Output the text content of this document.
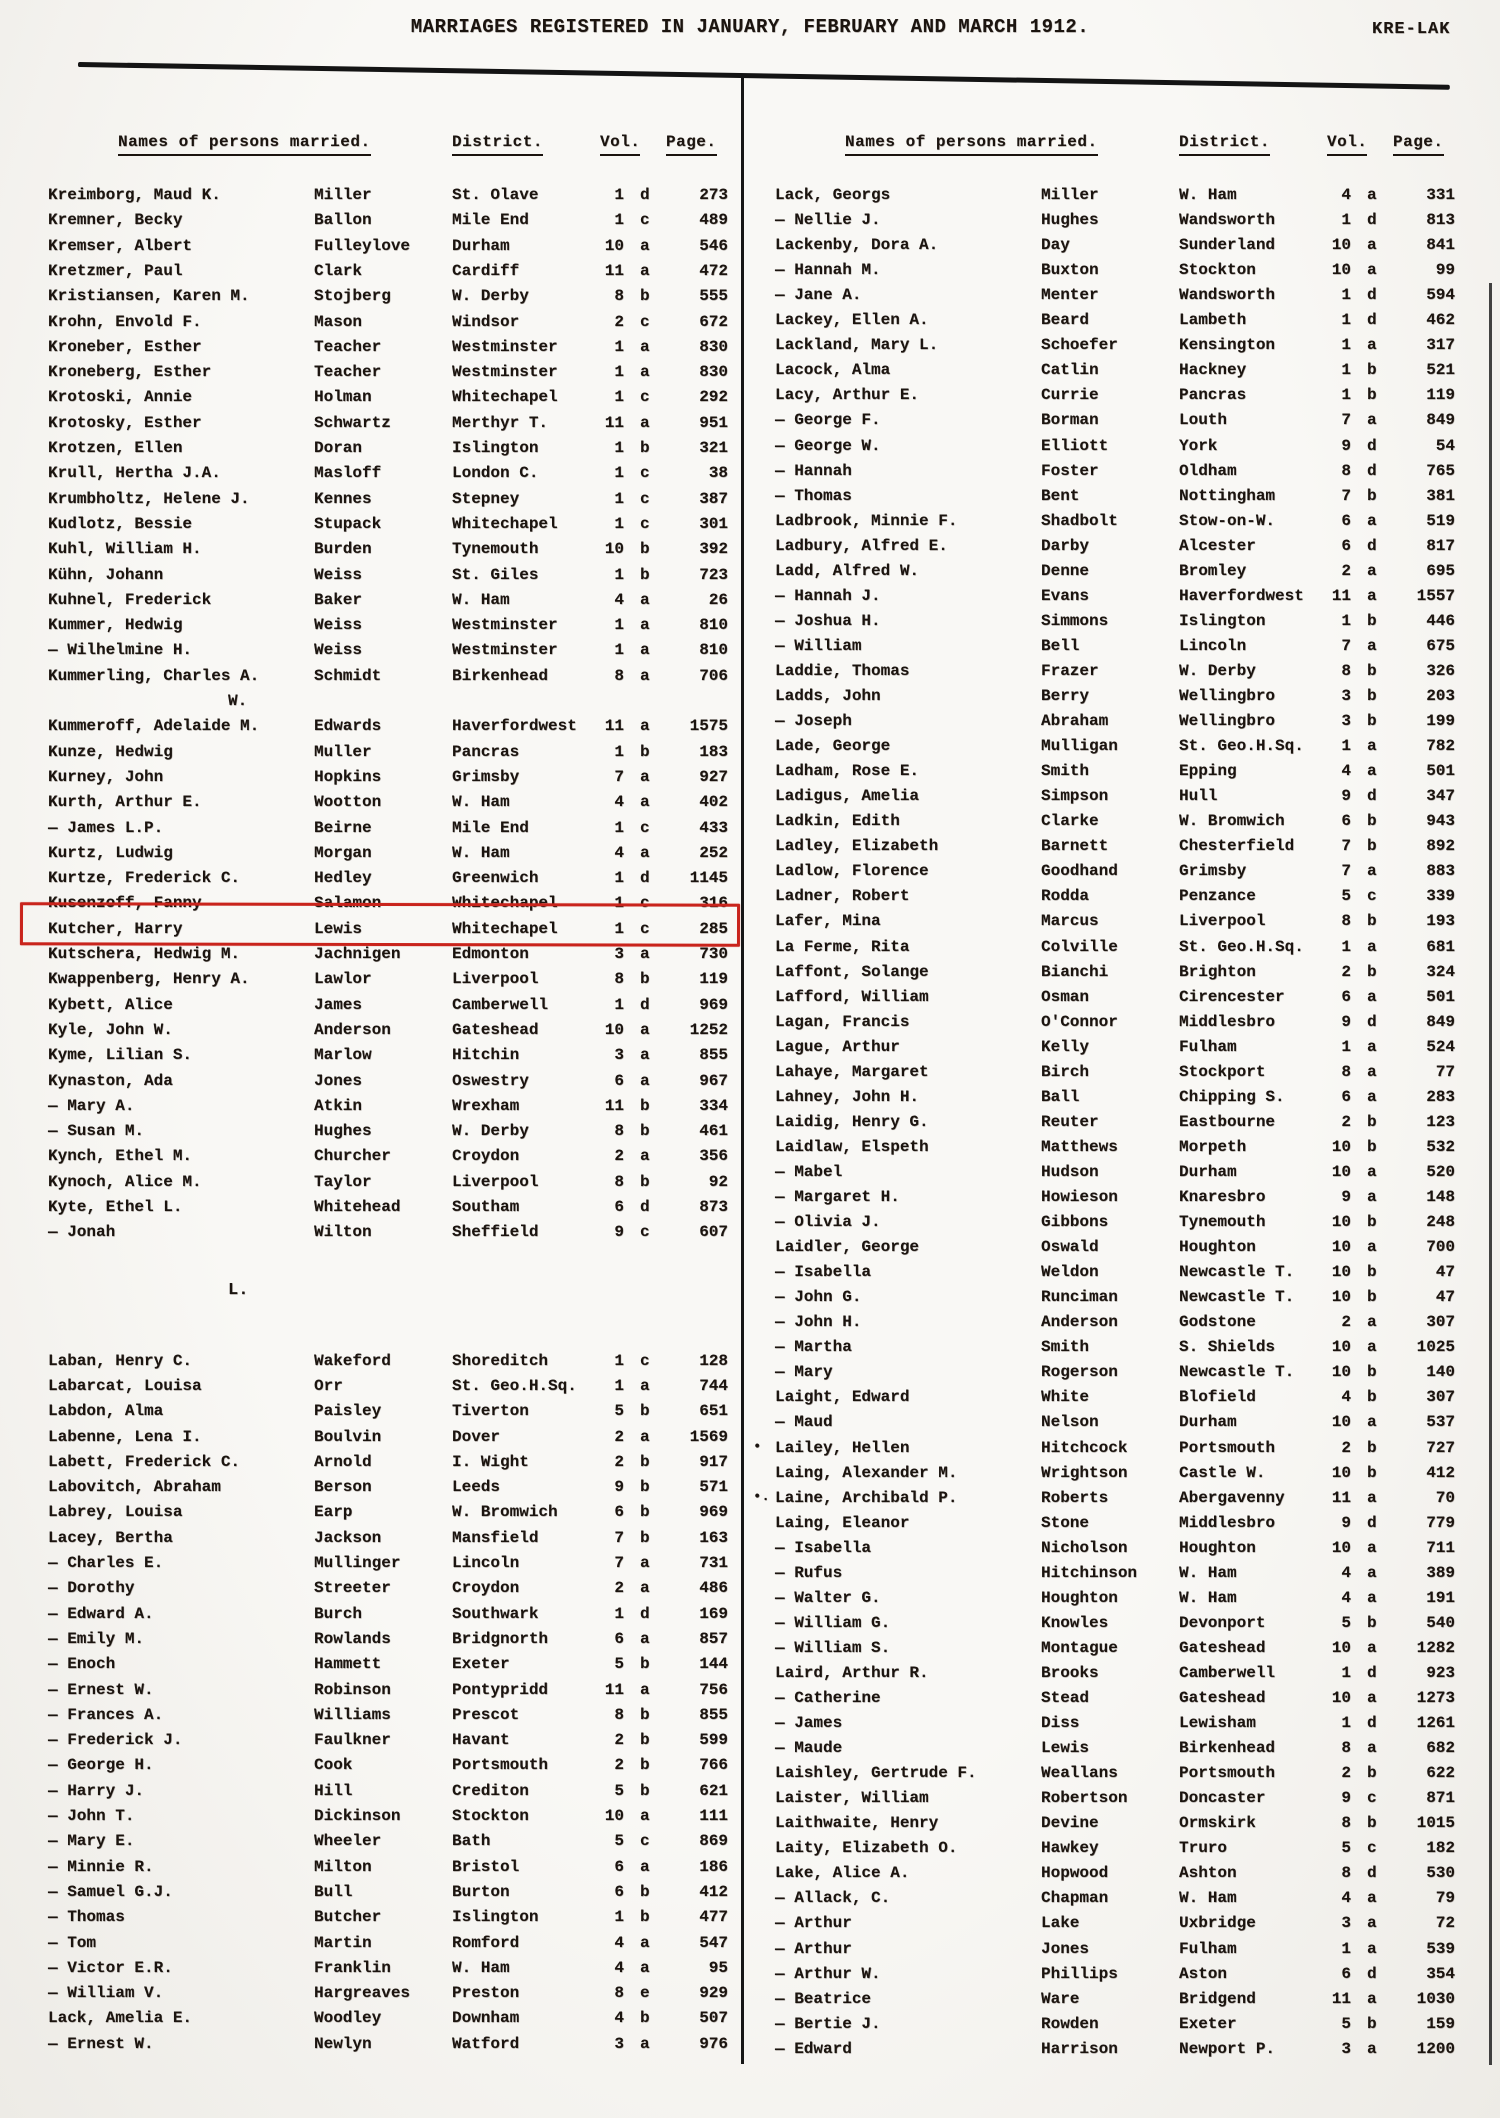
MARRIAGES REGISTERED IN JANUARY, FEBRUARY AND MARCH 1912.	KRE-LAK
Names of persons married.	District.	Vol. Page.
Kreimborg, Maud K.	Miller	St. Olave	1 d	273
Kremner, Becky	Ballon	Mile End	1 c	489
Kremser, Albert	Fulleylove	Durham	10 a	546
Kretzmer, Paul	Clark	Cardiff	11 a	472
Kristiansen, Karen M.	Stojberg	W. Derby	8 b	555
Krohn, Envold F.	Mason	Windsor	2 c	672
Kroneber, Esther	Teacher	Westminster	1 a	830
Kroneberg, Esther	Teacher	Westminster	1 a	830
Krotoski, Annie	Holman	Whitechapel	1 c	292
Krotosky, Esther	Schwartz	Merthyr T.	11 a	951
Krotzen, Ellen	Doran	Islington	1 b	321
Krull, Hertha J.A.	Masloff	London C.	1 c	38
Krumbholtz, Helene J.	Kennes	Stepney	1 c	387
Kudlotz, Bessie	Stupack	Whitechapel	1 c	301
Kuhl, William H.	Burden	Tynemouth	10 b	392
Kühn, Johann	Weiss	St. Giles	1 b	723
Kuhnel, Frederick	Baker	W. Ham	4 a	26
Kummer, Hedwig	Weiss	Westminster	1 a	810
— Wilhelmine H.	Weiss	Westminster	1 a	810
Kummerling, Charles A.	Schmidt	Birkenhead	8 a	706
W.
Kummeroff, Adelaide M.	Edwards	Haverfordwest	11 a	1575
Kunze, Hedwig	Muller	Pancras	1 b	183
Kurney, John	Hopkins	Grimsby	7 a	927
Kurth, Arthur E.	Wootton	W. Ham	4 a	402
— James L.P.	Beirne	Mile End	1 c	433
Kurtz, Ludwig	Morgan	W. Ham	4 a	252
Kurtze, Frederick C.	Hedley	Greenwich	1 d	1145
Kusenzoff, Fanny	Salamon	Whitechapel	1 c	316
Kutcher, Harry	Lewis	Whitechapel	1 c	285
Kutschera, Hedwig M.	Jachnigen	Edmonton	3 a	730
Kwappenberg, Henry A.	Lawlor	Liverpool	8 b	119
Kybett, Alice	James	Camberwell	1 d	969
Kyle, John W.	Anderson	Gateshead	10 a	1252
Kyme, Lilian S.	Marlow	Hitchin	3 a	855
Kynaston, Ada	Jones	Oswestry	6 a	967
— Mary A.	Atkin	Wrexham	11 b	334
— Susan M.	Hughes	W. Derby	8 b	461
Kynch, Ethel M.	Churcher	Croydon	2 a	356
Kynoch, Alice M.	Taylor	Liverpool	8 b	92
Kyte, Ethel L.	Whitehead	Southam	6 d	873
— Jonah	Wilton	Sheffield	9 c	607
L.
Laban, Henry C.	Wakeford	Shoreditch	1 c	128
Labarcat, Louisa	Orr	St. Geo.H.Sq.	1 a	744
Labdon, Alma	Paisley	Tiverton	5 b	651
Labenne, Lena I.	Boulvin	Dover	2 a	1569
Labett, Frederick C.	Arnold	I. Wight	2 b	917
Labovitch, Abraham	Berson	Leeds	9 b	571
Labrey, Louisa	Earp	W. Bromwich	6 b	969
Lacey, Bertha	Jackson	Mansfield	7 b	163
— Charles E.	Mullinger	Lincoln	7 a	731
— Dorothy	Streeter	Croydon	2 a	486
— Edward A.	Burch	Southwark	1 d	169
— Emily M.	Rowlands	Bridgnorth	6 a	857
— Enoch	Hammett	Exeter	5 b	144
— Ernest W.	Robinson	Pontypridd	11 a	756
— Frances A.	Williams	Prescot	8 b	855
— Frederick J.	Faulkner	Havant	2 b	599
— George H.	Cook	Portsmouth	2 b	766
— Harry J.	Hill	Crediton	5 b	621
— John T.	Dickinson	Stockton	10 a	111
— Mary E.	Wheeler	Bath	5 c	869
— Minnie R.	Milton	Bristol	6 a	186
— Samuel G.J.	Bull	Burton	6 b	412
— Thomas	Butcher	Islington	1 b	477
— Tom	Martin	Romford	4 a	547
— Victor E.R.	Franklin	W. Ham	4 a	95
— William V.	Hargreaves	Preston	8 e	929
Lack, Amelia E.	Woodley	Downham	4 b	507
— Ernest W.	Newlyn	Watford	3 a	976
Names of persons married.	District.	Vol. Page.
Lack, Georgs	Miller	W. Ham	4 a	331
— Nellie J.	Hughes	Wandsworth	1 d	813
Lackenby, Dora A.	Day	Sunderland	10 a	841
— Hannah M.	Buxton	Stockton	10 a	99
— Jane A.	Menter	Wandsworth	1 d	594
Lackey, Ellen A.	Beard	Lambeth	1 d	462
Lackland, Mary L.	Schoefer	Kensington	1 a	317
Lacock, Alma	Catlin	Hackney	1 b	521
Lacy, Arthur E.	Currie	Pancras	1 b	119
— George F.	Borman	Louth	7 a	849
— George W.	Elliott	York	9 d	54
— Hannah	Foster	Oldham	8 d	765
— Thomas	Bent	Nottingham	7 b	381
Ladbrook, Minnie F.	Shadbolt	Stow-on-W.	6 a	519
Ladbury, Alfred E.	Darby	Alcester	6 d	817
Ladd, Alfred W.	Denne	Bromley	2 a	695
— Hannah J.	Evans	Haverfordwest	11 a	1557
— Joshua H.	Simmons	Islington	1 b	446
— William	Bell	Lincoln	7 a	675
Laddie, Thomas	Frazer	W. Derby	8 b	326
Ladds, John	Berry	Wellingbro	3 b	203
— Joseph	Abraham	Wellingbro	3 b	199
Lade, George	Mulligan	St. Geo.H.Sq.	1 a	782
Ladham, Rose E.	Smith	Epping	4 a	501
Ladigus, Amelia	Simpson	Hull	9 d	347
Ladkin, Edith	Clarke	W. Bromwich	6 b	943
Ladley, Elizabeth	Barnett	Chesterfield	7 b	892
Ladlow, Florence	Goodhand	Grimsby	7 a	883
Ladner, Robert	Rodda	Penzance	5 c	339
Lafer, Mina	Marcus	Liverpool	8 b	193
La Ferme, Rita	Colville	St. Geo.H.Sq.	1 a	681
Laffont, Solange	Bianchi	Brighton	2 b	324
Lafford, William	Osman	Cirencester	6 a	501
Lagan, Francis	O'Connor	Middlesbro	9 d	849
Lague, Arthur	Kelly	Fulham	1 a	524
Lahaye, Margaret	Birch	Stockport	8 a	77
Lahney, John H.	Ball	Chipping S.	6 a	283
Laidig, Henry G.	Reuter	Eastbourne	2 b	123
Laidlaw, Elspeth	Matthews	Morpeth	10 b	532
— Mabel	Hudson	Durham	10 a	520
— Margaret H.	Howieson	Knaresbro	9 a	148
— Olivia J.	Gibbons	Tynemouth	10 b	248
Laidler, George	Oswald	Houghton	10 a	700
— Isabella	Weldon	Newcastle T.	10 b	47
— John G.	Runciman	Newcastle T.	10 b	47
— John H.	Anderson	Godstone	2 a	307
— Martha	Smith	S. Shields	10 a	1025
— Mary	Rogerson	Newcastle T.	10 b	140
Laight, Edward	White	Blofield	4 b	307
— Maud	Nelson	Durham	10 a	537
• Lailey, Hellen	Hitchcock	Portsmouth	2 b	727
Laing, Alexander M.	Wrightson	Castle W.	10 b	412
•. Laine, Archibald P.	Roberts	Abergavenny	11 a	70
Laing, Eleanor	Stone	Middlesbro	9 d	779
— Isabella	Nicholson	Houghton	10 a	711
— Rufus	Hitchinson	W. Ham	4 a	389
— Walter G.	Houghton	W. Ham	4 a	191
— William G.	Knowles	Devonport	5 b	540
— William S.	Montague	Gateshead	10 a	1282
Laird, Arthur R.	Brooks	Camberwell	1 d	923
— Catherine	Stead	Gateshead	10 a	1273
— James	Diss	Lewisham	1 d	1261
— Maude	Lewis	Birkenhead	8 a	682
Laishley, Gertrude F.	Weallans	Portsmouth	2 b	622
Laister, William	Robertson	Doncaster	9 c	871
Laithwaite, Henry	Devine	Ormskirk	8 b	1015
Laity, Elizabeth O.	Hawkey	Truro	5 c	182
Lake, Alice A.	Hopwood	Ashton	8 d	530
— Allack, C.	Chapman	W. Ham	4 a	79
— Arthur	Lake	Uxbridge	3 a	72
— Arthur	Jones	Fulham	1 a	539
— Arthur W.	Phillips	Aston	6 d	354
— Beatrice	Ware	Bridgend	11 a	1030
— Bertie J.	Rowden	Exeter	5 b	159
— Edward	Harrison	Newport P.	3 a	1200
